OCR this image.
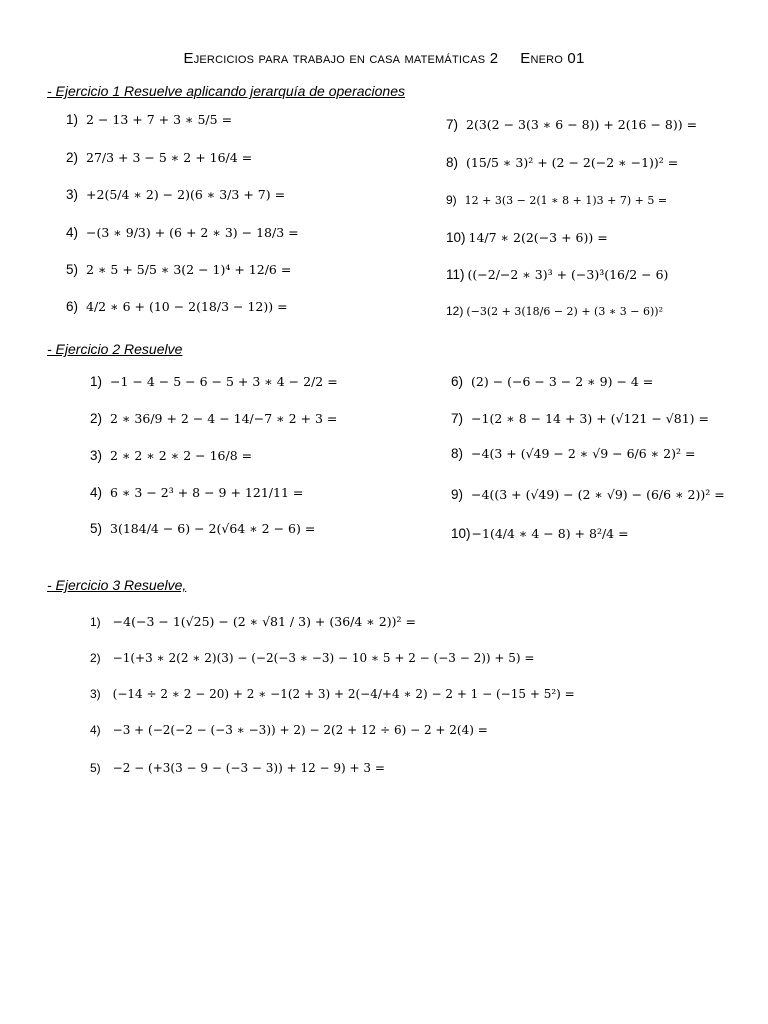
Ejercicios para trabajo en casa matemáticas 2 Enero 01
- Ejercicio 1 Resuelve aplicando jerarquía de operaciones
1) 2 − 13 + 7 + 3 ∗ 5/5 =
2) 27/3 + 3 − 5 ∗ 2 + 16/4 =
3) +2(5/4 ∗ 2) − 2)(6 ∗ 3/3 + 7) =
4) −(3 ∗ 9/3) + (6 + 2 ∗ 3) − 18/3 =
5) 2 ∗ 5 + 5/5 ∗ 3(2 − 1)⁴ + 12/6 =
6) 4/2 ∗ 6 + (10 − 2(18/3 − 12)) =
7) 2(3(2 − 3(3 ∗ 6 − 8)) + 2(16 − 8)) =
8) (15/5 ∗ 3)² + (2 − 2(−2 ∗ −1))² =
9) 12 + 3(3 − 2(1 ∗ 8 + 1)3 + 7) + 5 =
10) 14/7 ∗ 2(2(−3 + 6)) =
11) ((−2/−2 ∗ 3)³ + (−3)³(16/2 − 6)
12) (−3(2 + 3(18/6 − 2) + (3 ∗ 3 − 6))²
- Ejercicio 2 Resuelve
1) −1 − 4 − 5 − 6 − 5 + 3 ∗ 4 − 2/2 =
2) 2 ∗ 36/9 + 2 − 4 − 14/−7 ∗ 2 + 3 =
3) 2 ∗ 2 ∗ 2 ∗ 2 − 16/8 =
4) 6 ∗ 3 − 2³ + 8 − 9 + 121/11 =
5) 3(184/4 − 6) − 2(√64 ∗ 2 − 6) =
6) (2) − (−6 − 3 − 2 ∗ 9) − 4 =
7) −1(2 ∗ 8 − 14 + 3) + (√121 − √81) =
8) −4(3 + (√49 − 2 ∗ √9 − 6/6 ∗ 2)² =
9) −4((3 + (√49) − (2 ∗ √9) − (6/6 ∗ 2))² =
10) −1(4/4 ∗ 4 − 8) + 8²/4 =
- Ejercicio 3 Resuelve,
1) −4(−3 − 1(√25) − (2 ∗ √81 / 3) + (36/4 ∗ 2))² =
2) −1(+3 ∗ 2(2 ∗ 2)(3) − (−2(−3 ∗ −3) − 10 ∗ 5 + 2 − (−3 − 2)) + 5) =
3) (−14 ÷ 2 ∗ 2 − 20) + 2 ∗ −1(2 + 3) + 2(−4/+4 ∗ 2) − 2 + 1 − (−15 + 5²) =
4) −3 + (−2(−2 − (−3 ∗ −3)) + 2) − 2(2 + 12 ÷ 6) − 2 + 2(4) =
5) −2 − (+3(3 − 9 − (−3 − 3)) + 12 − 9) + 3 =
